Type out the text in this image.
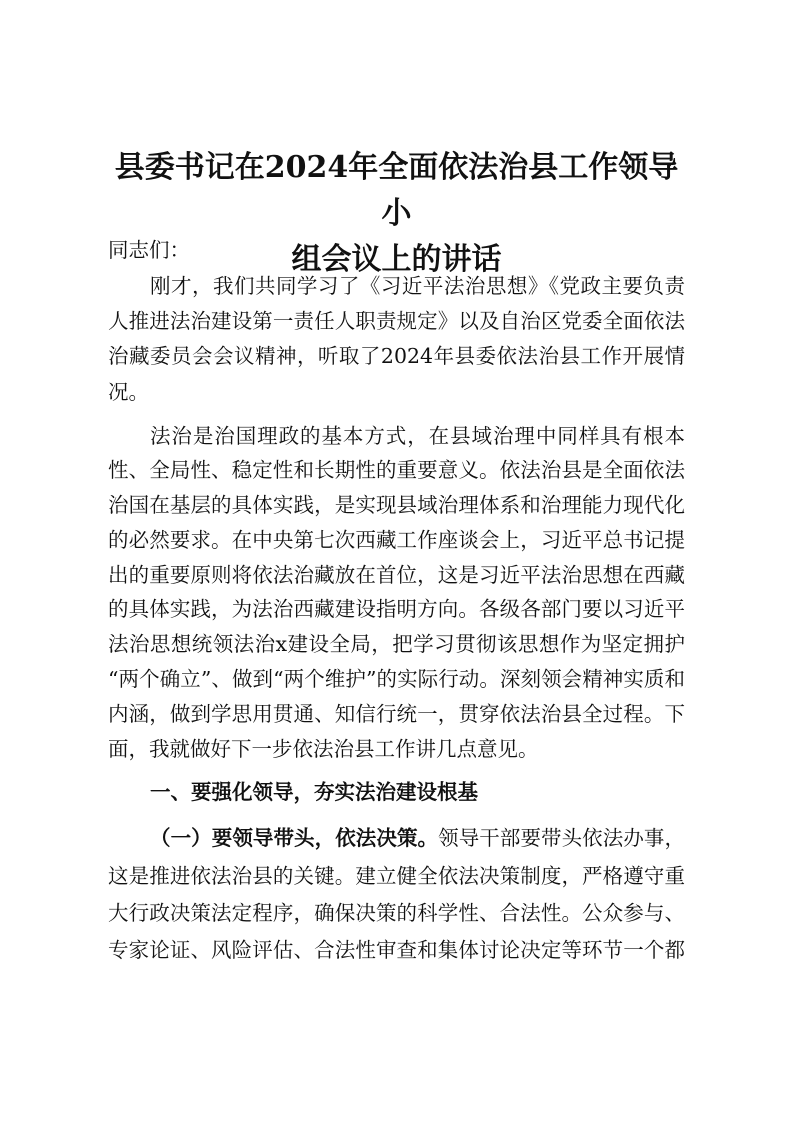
县委书记在2024年全面依法治县工作领导小
组会议上的讲话

同志们：

刚才，我们共同学习了《习近平法治思想》《党政主要负责

人推进法治建设第一责任人职责规定》以及自治区党委全面依法

治藏委员会会议精神，听取了2024年县委依法治县工作开展情

况。

法治是治国理政的基本方式，在县域治理中同样具有根本

性、全局性、稳定性和长期性的重要意义。依法治县是全面依法

治国在基层的具体实践，是实现县域治理体系和治理能力现代化

的必然要求。在中央第七次西藏工作座谈会上，习近平总书记提

出的重要原则将依法治藏放在首位，这是习近平法治思想在西藏

的具体实践，为法治西藏建设指明方向。各级各部门要以习近平

法治思想统领法治x建设全局，把学习贯彻该思想作为坚定拥护

“两个确立”、做到“两个维护”的实际行动。深刻领会精神实质和

内涵，做到学思用贯通、知信行统一，贯穿依法治县全过程。下

面，我就做好下一步依法治县工作讲几点意见。

一、要强化领导，夯实法治建设根基

（一）要领导带头，依法决策。领导干部要带头依法办事，

这是推进依法治县的关键。建立健全依法决策制度，严格遵守重

大行政决策法定程序，确保决策的科学性、合法性。公众参与、

专家论证、风险评估、合法性审查和集体讨论决定等环节一个都
